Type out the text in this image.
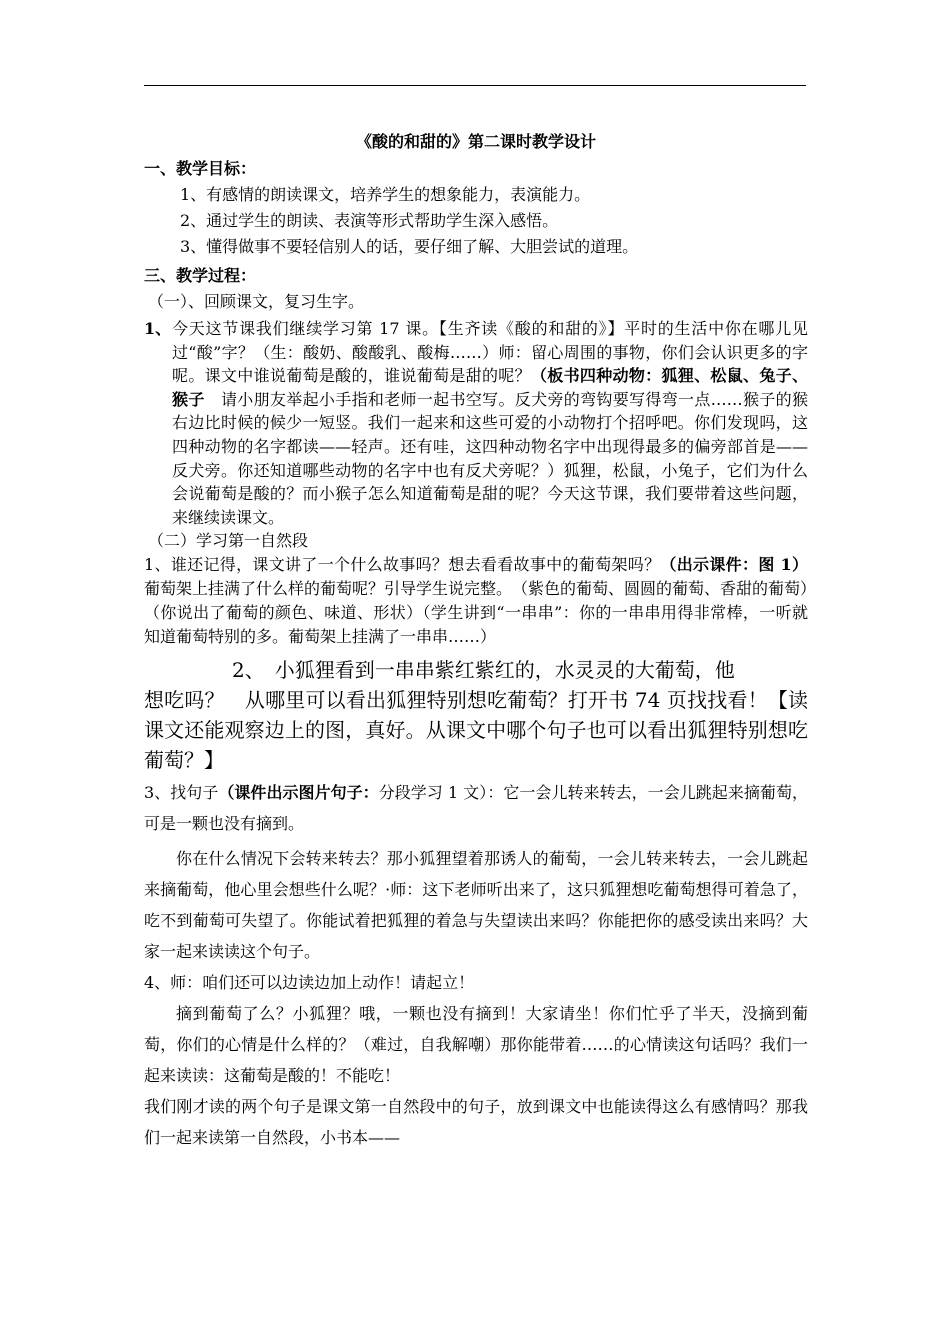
《酸的和甜的》第二课时教学设计
一、教学目标：
1、有感情的朗读课文，培养学生的想象能力，表演能力。
2、通过学生的朗读、表演等形式帮助学生深入感悟。
3、懂得做事不要轻信别人的话，要仔细了解、大胆尝试的道理。
三、教学过程：
（一）、回顾课文，复习生字。
1、 今天这节课我们继续学习第 17 课。【生齐读《酸的和甜的》】平时的生活中你在哪儿见过“酸”字？（生：酸奶、酸酸乳、酸梅……）师：留心周围的事物，你们会认识更多的字呢。课文中谁说葡萄是酸的，谁说葡萄是甜的呢？（板书四种动物：狐狸、松鼠、兔子、猴子　请小朋友举起小手指和老师一起书空写。反犬旁的弯钩要写得弯一点……猴子的猴右边比时候的候少一短竖。我们一起来和这些可爱的小动物打个招呼吧。你们发现吗，这四种动物的名字都读——轻声。还有哇，这四种动物名字中出现得最多的偏旁部首是——反犬旁。你还知道哪些动物的名字中也有反犬旁呢？）狐狸，松鼠，小兔子，它们为什么会说葡萄是酸的？而小猴子怎么知道葡萄是甜的呢？今天这节课，我们要带着这些问题，来继续读课文。
（二）学习第一自然段
1、谁还记得，课文讲了一个什么故事吗？想去看看故事中的葡萄架吗？（出示课件：图 1）葡萄架上挂满了什么样的葡萄呢？引导学生说完整。　（紫色的葡萄、圆圆的葡萄、香甜的葡萄）（你说出了葡萄的颜色、味道、形状）（学生讲到“一串串”：你的一串串用得非常棒，一听就知道葡萄特别的多。葡萄架上挂满了一串串……）
2、　小狐狸看到一串串紫红紫红的，水灵灵的大葡萄，他
想吃吗？　从哪里可以看出狐狸特别想吃葡萄？打开书 74 页找找看！【读课文还能观察边上的图，真好。从课文中哪个句子也可以看出狐狸特别想吃葡萄？】
3、找句子（课件出示图片句子：分段学习 1 文）：它一会儿转来转去，一会儿跳起来摘葡萄，可是一颗也没有摘到。
你在什么情况下会转来转去？那小狐狸望着那诱人的葡萄，一会儿转来转去，一会儿跳起来摘葡萄，他心里会想些什么呢？·师：这下老师听出来了，这只狐狸想吃葡萄想得可着急了，吃不到葡萄可失望了。你能试着把狐狸的着急与失望读出来吗？你能把你的感受读出来吗？大家一起来读读这个句子。
4、师：咱们还可以边读边加上动作！请起立！
摘到葡萄了么？小狐狸？哦，一颗也没有摘到！大家请坐！你们忙乎了半天，没摘到葡萄，你们的心情是什么样的？（难过，自我解嘲）那你能带着……的心情读这句话吗？我们一起来读读：这葡萄是酸的！不能吃！
我们刚才读的两个句子是课文第一自然段中的句子，放到课文中也能读得这么有感情吗？那我们一起来读第一自然段，小书本——
